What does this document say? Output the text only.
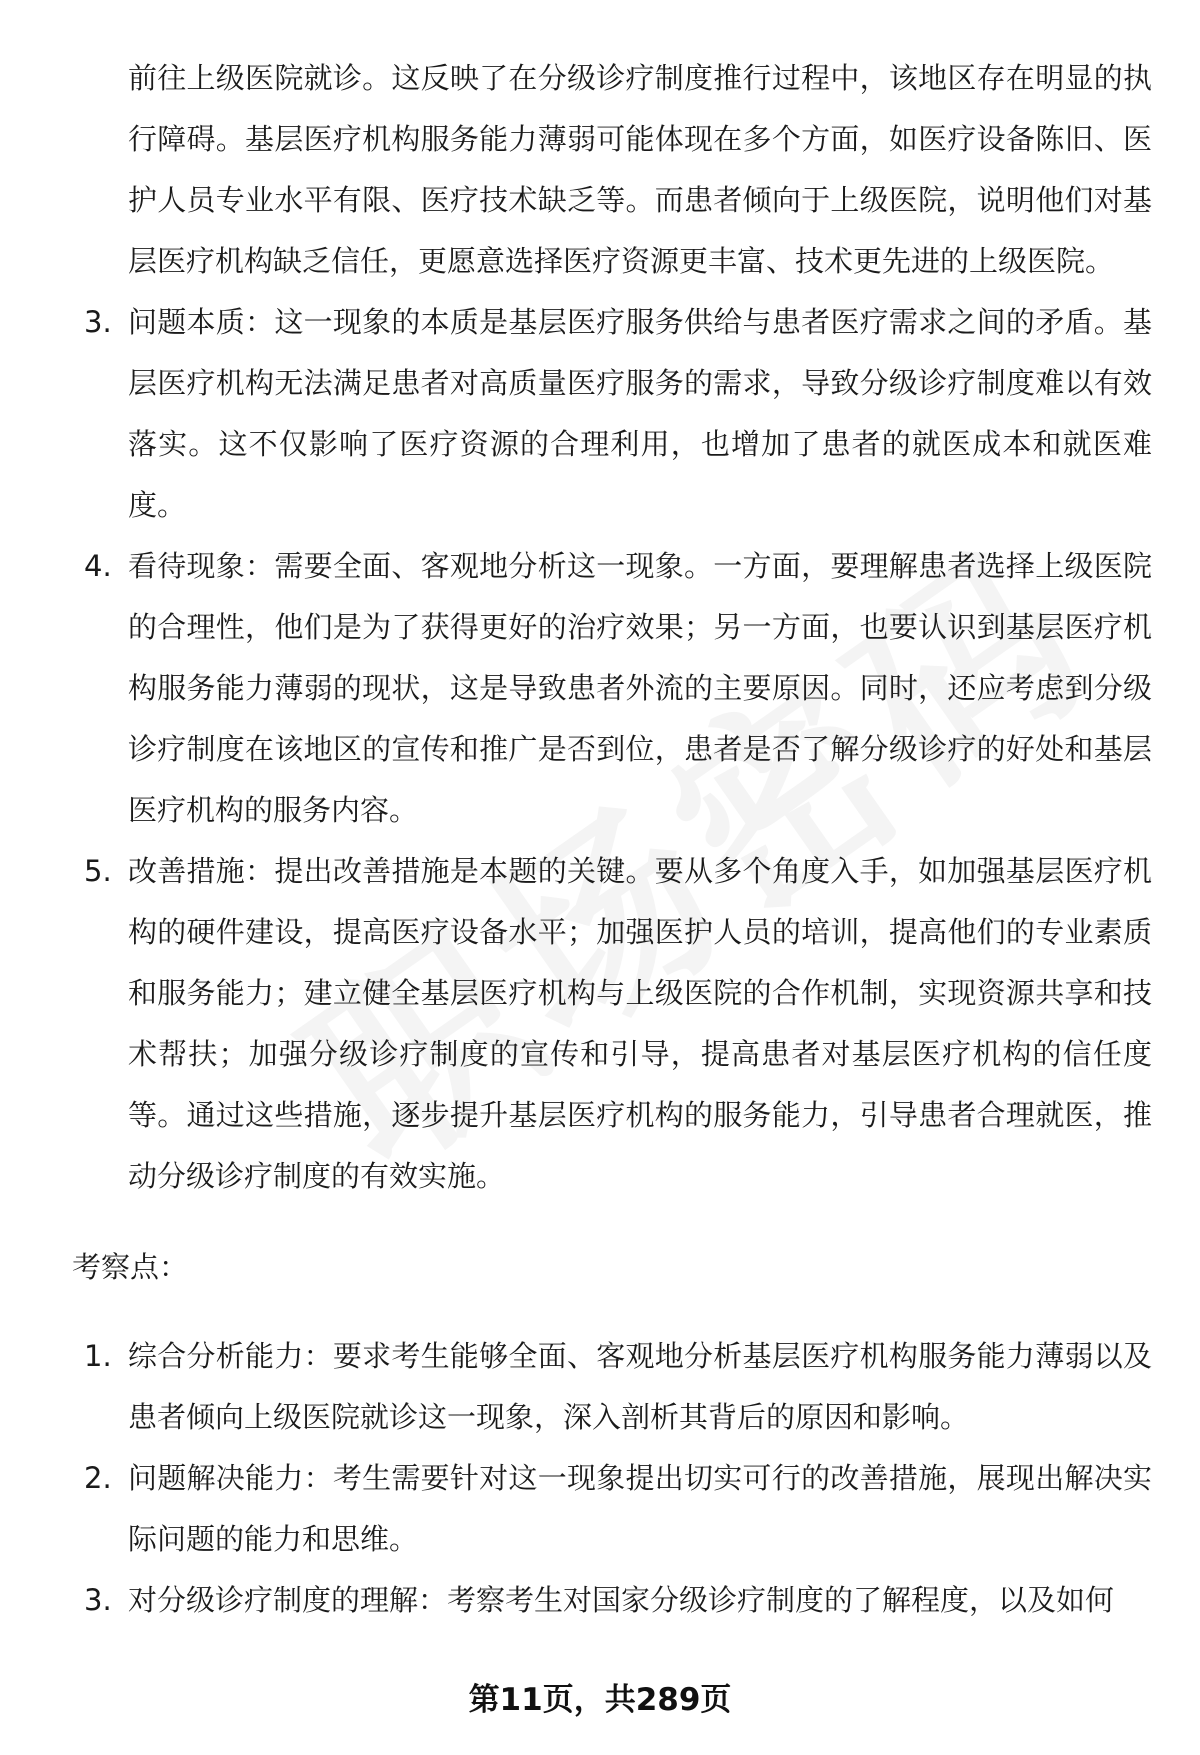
前往上级医院就诊。这反映了在分级诊疗制度推行过程中，该地区存在明显的执行障碍。基层医疗机构服务能力薄弱可能体现在多个方面，如医疗设备陈旧、医护人员专业水平有限、医疗技术缺乏等。而患者倾向于上级医院，说明他们对基层医疗机构缺乏信任，更愿意选择医疗资源更丰富、技术更先进的上级医院。

3. 问题本质：这一现象的本质是基层医疗服务供给与患者医疗需求之间的矛盾。基层医疗机构无法满足患者对高质量医疗服务的需求，导致分级诊疗制度难以有效落实。这不仅影响了医疗资源的合理利用，也增加了患者的就医成本和就医难度。
4. 看待现象：需要全面、客观地分析这一现象。一方面，要理解患者选择上级医院的合理性，他们是为了获得更好的治疗效果；另一方面，也要认识到基层医疗机构服务能力薄弱的现状，这是导致患者外流的主要原因。同时，还应考虑到分级诊疗制度在该地区的宣传和推广是否到位，患者是否了解分级诊疗的好处和基层医疗机构的服务内容。
5. 改善措施：提出改善措施是本题的关键。要从多个角度入手，如加强基层医疗机构的硬件建设，提高医疗设备水平；加强医护人员的培训，提高他们的专业素质和服务能力；建立健全基层医疗机构与上级医院的合作机制，实现资源共享和技术帮扶；加强分级诊疗制度的宣传和引导，提高患者对基层医疗机构的信任度等。通过这些措施，逐步提升基层医疗机构的服务能力，引导患者合理就医，推动分级诊疗制度的有效实施。
考察点：
1. 综合分析能力：要求考生能够全面、客观地分析基层医疗机构服务能力薄弱以及患者倾向上级医院就诊这一现象，深入剖析其背后的原因和影响。
2. 问题解决能力：考生需要针对这一现象提出切实可行的改善措施，展现出解决实际问题的能力和思维。
3. 对分级诊疗制度的理解：考察考生对国家分级诊疗制度的了解程度，以及如何
第11页，共289页
